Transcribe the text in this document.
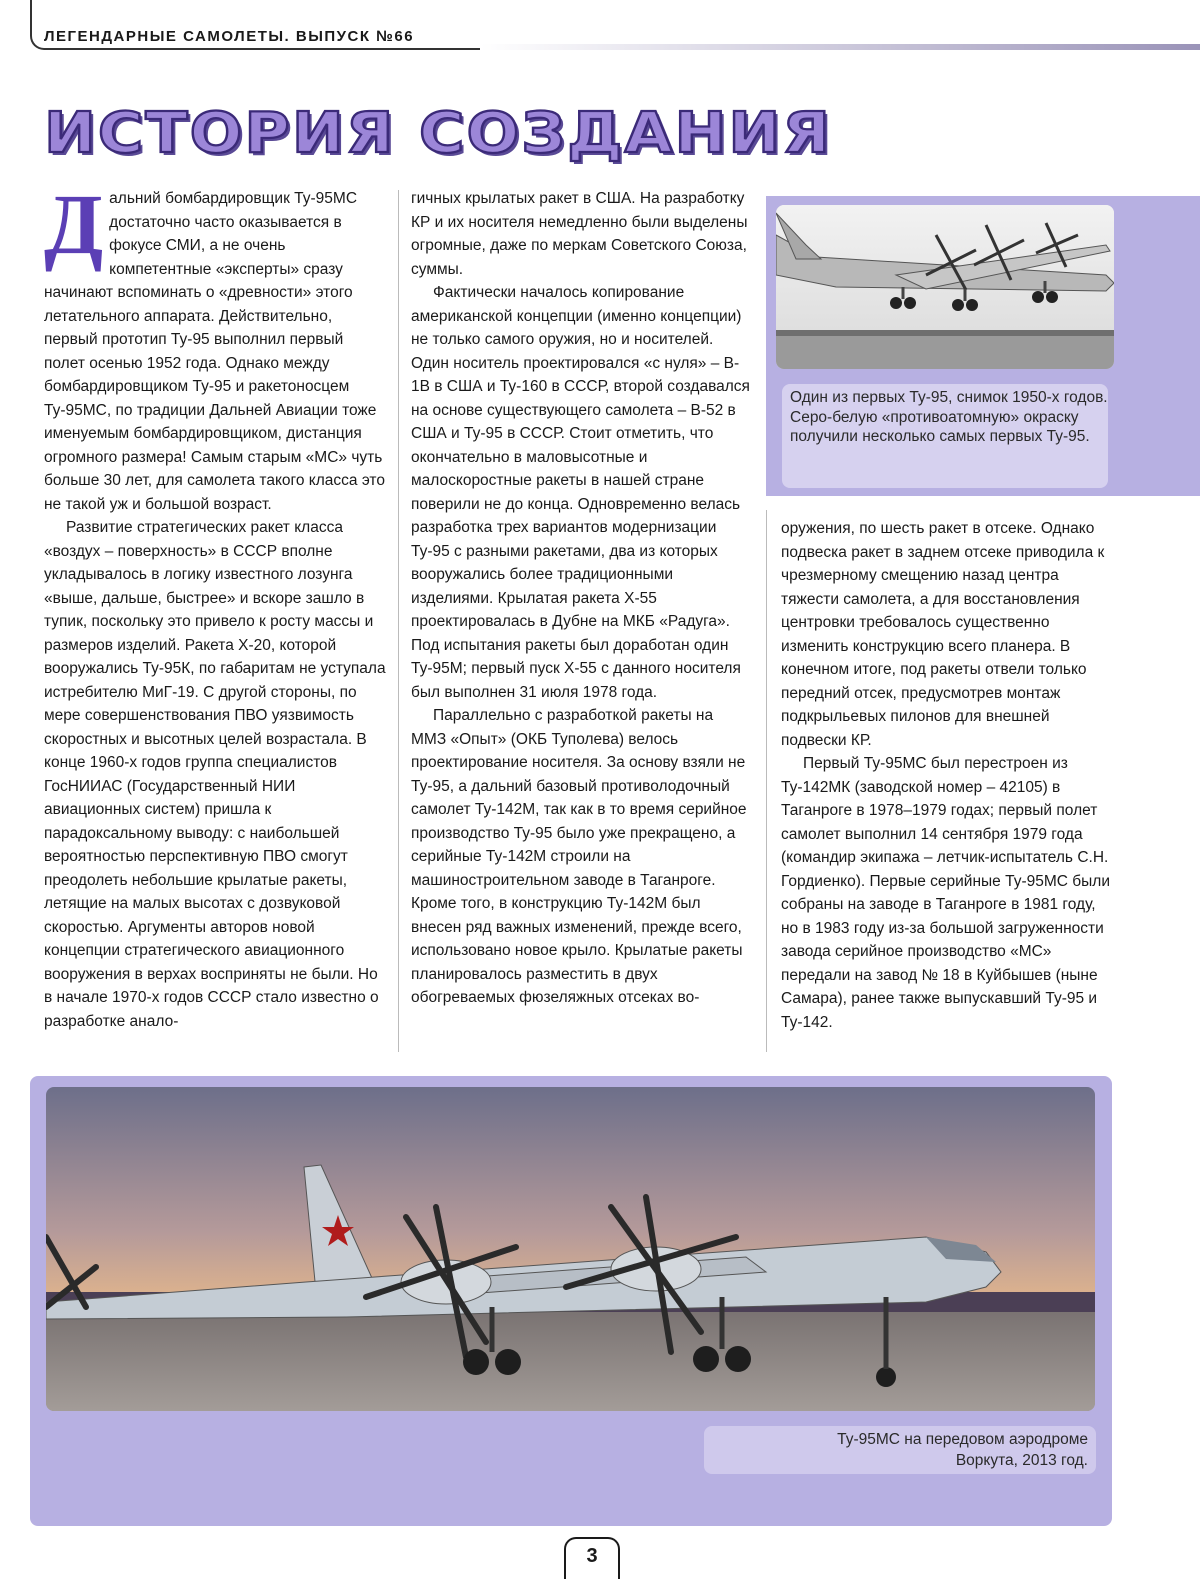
ЛЕГЕНДАРНЫЕ САМОЛЕТЫ. ВЫПУСК №66
ИСТОРИЯ СОЗДАНИЯ

Дальний бомбардировщик Ту-95МС достаточно часто оказывается в фокусе СМИ, а не очень компетентные «эксперты» сразу начинают вспоминать о «древности» этого летательного аппарата. Действительно, первый прототип Ту-95 выполнил первый полет осенью 1952 года. Однако между бомбардировщиком Ту-95 и ракетоносцем Ту-95МС, по традиции Дальней Авиации тоже именуемым бомбардировщиком, дистанция огромного размера! Самым старым «МС» чуть больше 30 лет, для самолета такого класса это не такой уж и большой возраст.

Развитие стратегических ракет класса «воздух – поверхность» в СССР вполне укладывалось в логику известного лозунга «выше, дальше, быстрее» и вскоре зашло в тупик, поскольку это привело к росту массы и размеров изделий. Ракета Х-20, которой вооружались Ту-95К, по габаритам не уступала истребителю МиГ-19. С другой стороны, по мере совершенствования ПВО уязвимость скоростных и высотных целей возрастала. В конце 1960-х годов группа специалистов ГосНИИАС (Государственный НИИ авиационных систем) пришла к парадоксальному выводу: с наибольшей вероятностью перспективную ПВО смогут преодолеть небольшие крылатые ракеты, летящие на малых высотах с дозвуковой скоростью. Аргументы авторов новой концепции стратегического авиационного вооружения в верхах восприняты не были. Но в начале 1970-х годов СССР стало известно о разработке анало-

гичных крылатых ракет в США. На разработку КР и их носителя немедленно были выделены огромные, даже по меркам Советского Союза, суммы.

Фактически началось копирование американской концепции (именно концепции) не только самого оружия, но и носителей. Один носитель проектировался «с нуля» – B-1B в США и Ту-160 в СССР, второй создавался на основе существующего самолета – B-52 в США и Ту-95 в СССР. Стоит отметить, что окончательно в маловысотные и малоскоростные ракеты в нашей стране поверили не до конца. Одновременно велась разработка трех вариантов модернизации Ту-95 с разными ракетами, два из которых вооружались более традиционными изделиями. Крылатая ракета Х-55 проектировалась в Дубне на МКБ «Радуга». Под испытания ракеты был доработан один Ту-95М; первый пуск Х-55 с данного носителя был выполнен 31 июля 1978 года.

Параллельно с разработкой ракеты на ММЗ «Опыт» (ОКБ Туполева) велось проектирование носителя. За основу взяли не Ту-95, а дальний базовый противолодочный самолет Ту-142М, так как в то время серийное производство Ту-95 было уже прекращено, а серийные Ту-142М строили на машиностроительном заводе в Таганроге. Кроме того, в конструкцию Ту-142М был внесен ряд важных изменений, прежде всего, использовано новое крыло. Крылатые ракеты планировалось разместить в двух обогреваемых фюзеляжных отсеках во-

Один из первых Ту-95, снимок 1950-х годов. Серо-белую «противоатомную» окраску получили несколько самых первых Ту-95.

оружения, по шесть ракет в отсеке. Однако подвеска ракет в заднем отсеке приводила к чрезмерному смещению назад центра тяжести самолета, а для восстановления центровки требовалось существенно изменить конструкцию всего планера. В конечном итоге, под ракеты отвели только передний отсек, предусмотрев монтаж подкрыльевых пилонов для внешней подвески КР.

Первый Ту-95МС был перестроен из Ту-142МК (заводской номер – 42105) в Таганроге в 1978–1979 годах; первый полет самолет выполнил 14 сентября 1979 года (командир экипажа – летчик-испытатель С.Н. Гордиенко). Первые серийные Ту-95МС были собраны на заводе в Таганроге в 1981 году, но в 1983 году из-за большой загруженности завода серийное производство «МС» передали на завод № 18 в Куйбышев (ныне Самара), ранее также выпускавший Ту-95 и Ту-142.

Ту-95МС на передовом аэродроме
Воркута, 2013 год.
3
